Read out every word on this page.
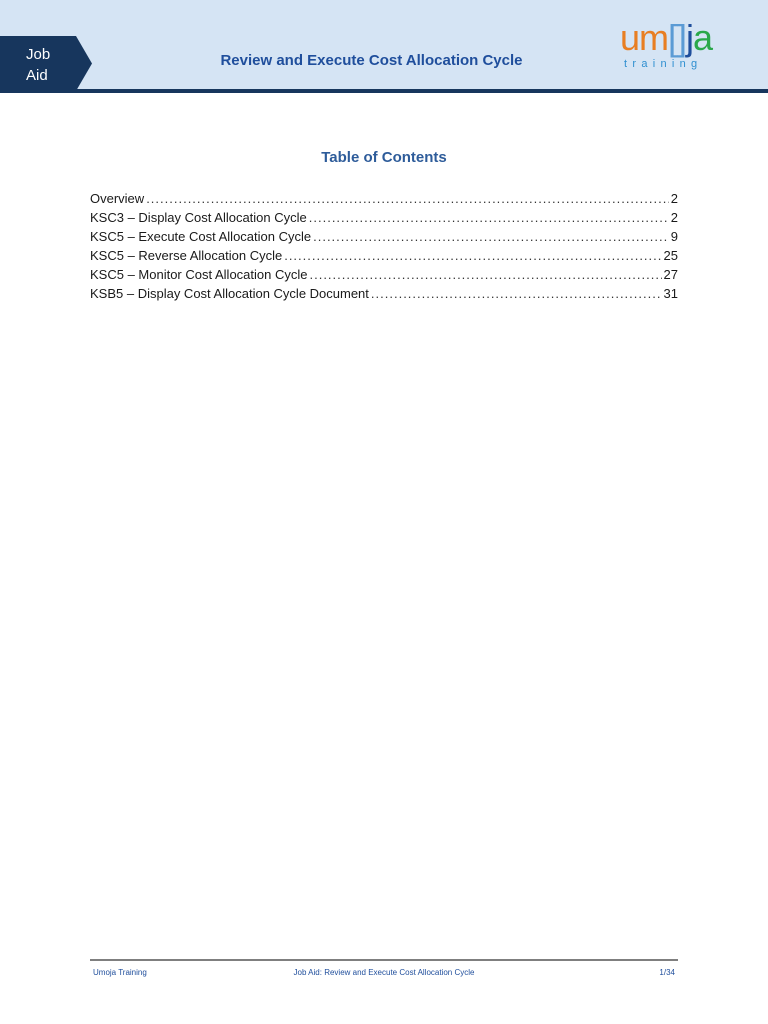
Job
Aid
Review and Execute Cost Allocation Cycle
um[]ja
training
Table of Contents
Overview .....	2
KSC3 – Display Cost Allocation Cycle .....	2
KSC5 – Execute Cost Allocation Cycle .....	9
KSC5 – Reverse Allocation Cycle .....	25
KSC5 – Monitor Cost Allocation Cycle .....	27
KSB5 – Display Cost Allocation Cycle Document .....	31
Umoja Training	Job Aid: Review and Execute Cost Allocation Cycle	1/34
